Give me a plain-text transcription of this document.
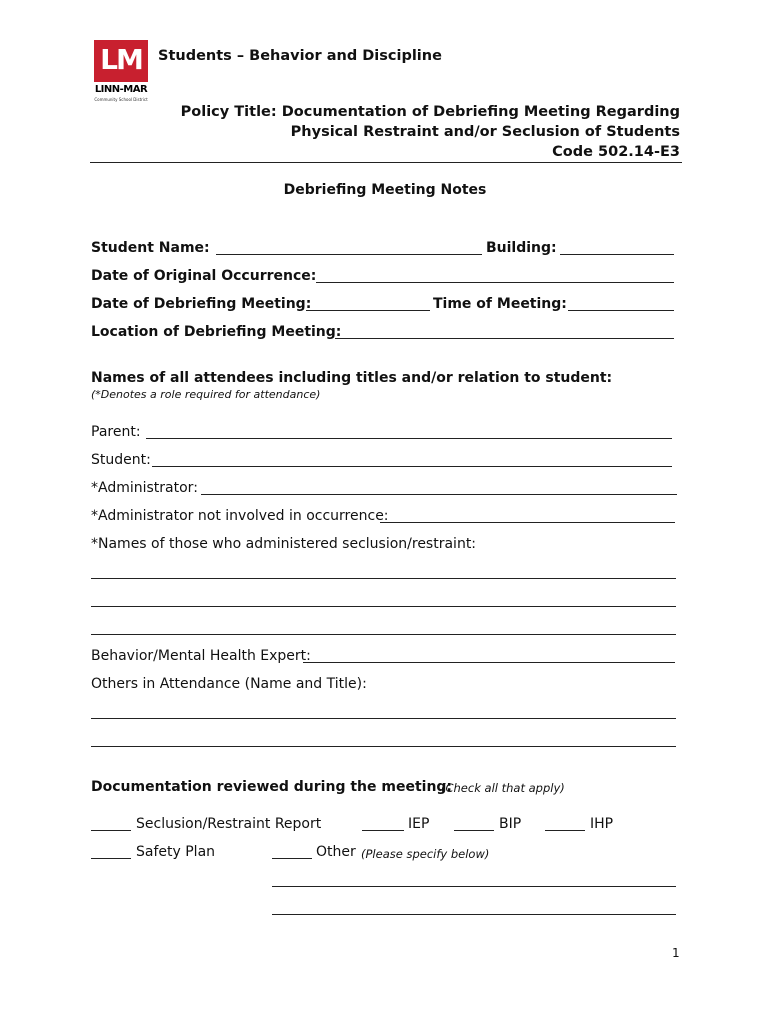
LM
LINN-MAR
Community School District
Students – Behavior and Discipline
Policy Title: Documentation of Debriefing Meeting Regarding
Physical Restraint and/or Seclusion of Students
Code 502.14-E3
Debriefing Meeting Notes
Student Name:	Building:
Date of Original Occurrence:
Date of Debriefing Meeting:	Time of Meeting:
Location of Debriefing Meeting:
Names of all attendees including titles and/or relation to student:
(*Denotes a role required for attendance)
Parent:
Student:
*Administrator:
*Administrator not involved in occurrence:
*Names of those who administered seclusion/restraint:
Behavior/Mental Health Expert:
Others in Attendance (Name and Title):
Documentation reviewed during the meeting:
(Check all that apply)
Seclusion/Restraint Report	IEP	BIP	IHP
Safety Plan	Other (Please specify below)
1
